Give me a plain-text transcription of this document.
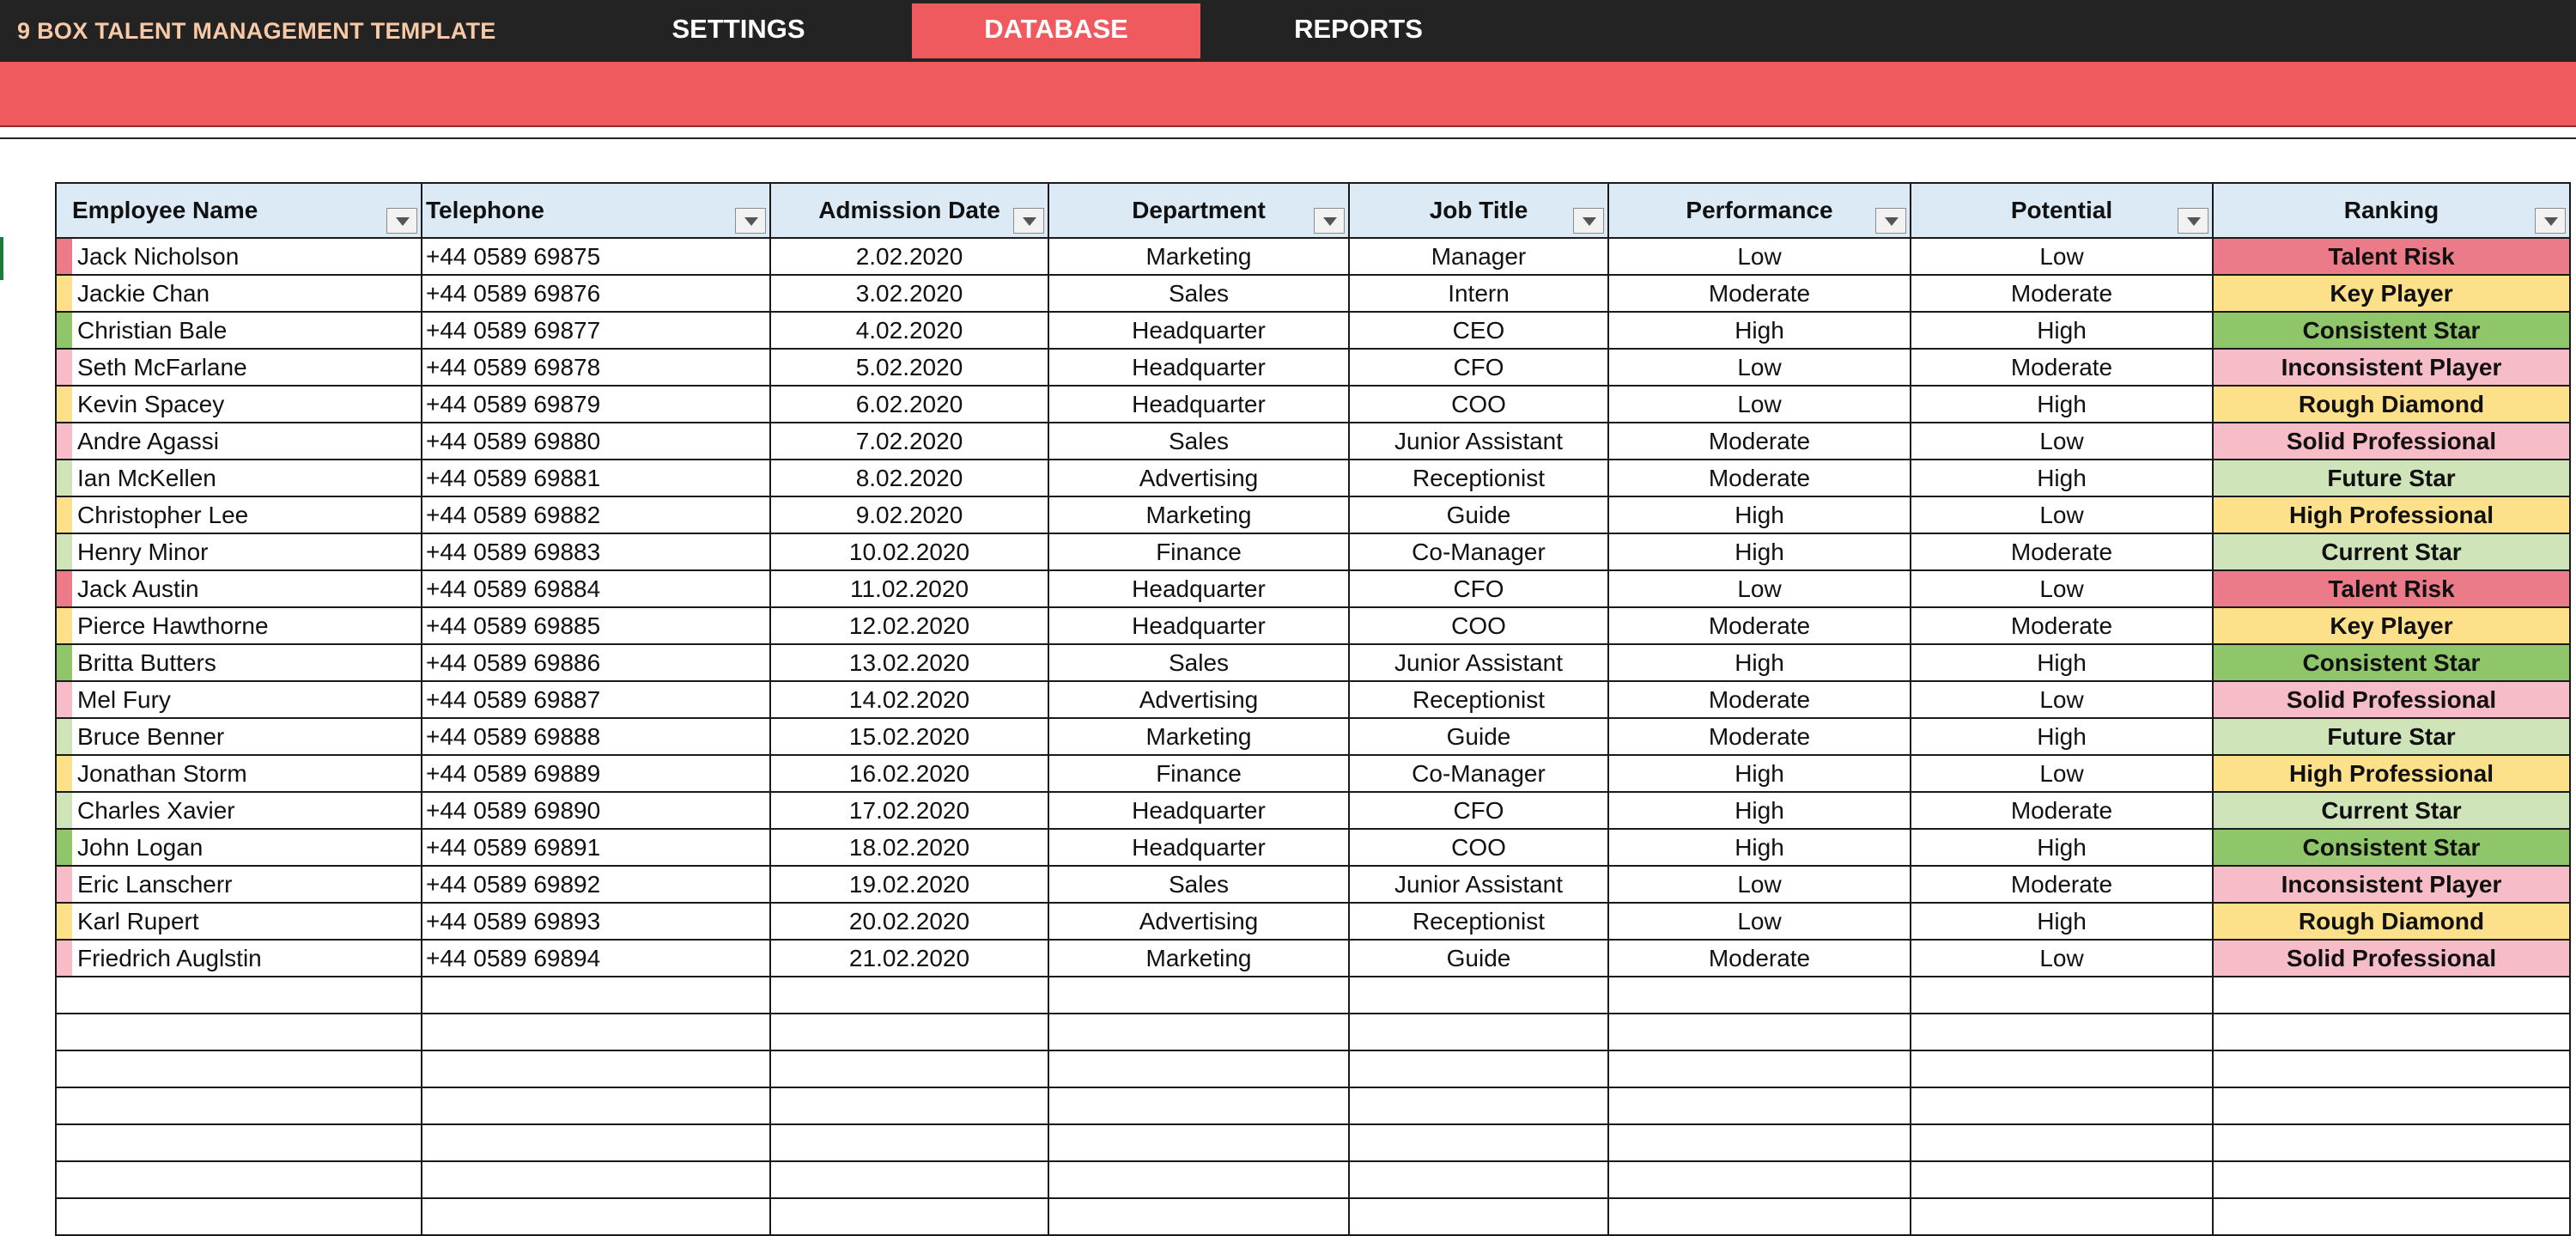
9 BOX TALENT MANAGEMENT TEMPLATE	SETTINGS	DATABASE	REPORTS
Employee Name	Telephone	Admission Date	Department	Job Title	Performance	Potential	Ranking

Jack Nicholson	+44 0589 69875	2.02.2020	Marketing	Manager	Low	Low	Talent Risk

Jackie Chan	+44 0589 69876	3.02.2020	Sales	Intern	Moderate	Moderate	Key Player

Christian Bale	+44 0589 69877	4.02.2020	Headquarter	CEO	High	High	Consistent Star

Seth McFarlane	+44 0589 69878	5.02.2020	Headquarter	CFO	Low	Moderate	Inconsistent Player

Kevin Spacey	+44 0589 69879	6.02.2020	Headquarter	COO	Low	High	Rough Diamond

Andre Agassi	+44 0589 69880	7.02.2020	Sales	Junior Assistant	Moderate	Low	Solid Professional

Ian McKellen	+44 0589 69881	8.02.2020	Advertising	Receptionist	Moderate	High	Future Star

Christopher Lee	+44 0589 69882	9.02.2020	Marketing	Guide	High	Low	High Professional

Henry Minor	+44 0589 69883	10.02.2020	Finance	Co-Manager	High	Moderate	Current Star

Jack Austin	+44 0589 69884	11.02.2020	Headquarter	CFO	Low	Low	Talent Risk

Pierce Hawthorne	+44 0589 69885	12.02.2020	Headquarter	COO	Moderate	Moderate	Key Player

Britta Butters	+44 0589 69886	13.02.2020	Sales	Junior Assistant	High	High	Consistent Star

Mel Fury	+44 0589 69887	14.02.2020	Advertising	Receptionist	Moderate	Low	Solid Professional

Bruce Benner	+44 0589 69888	15.02.2020	Marketing	Guide	Moderate	High	Future Star

Jonathan Storm	+44 0589 69889	16.02.2020	Finance	Co-Manager	High	Low	High Professional

Charles Xavier	+44 0589 69890	17.02.2020	Headquarter	CFO	High	Moderate	Current Star

John Logan	+44 0589 69891	18.02.2020	Headquarter	COO	High	High	Consistent Star

Eric Lanscherr	+44 0589 69892	19.02.2020	Sales	Junior Assistant	Low	Moderate	Inconsistent Player

Karl Rupert	+44 0589 69893	20.02.2020	Advertising	Receptionist	Low	High	Rough Diamond

Friedrich Auglstin	+44 0589 69894	21.02.2020	Marketing	Guide	Moderate	Low	Solid Professional
